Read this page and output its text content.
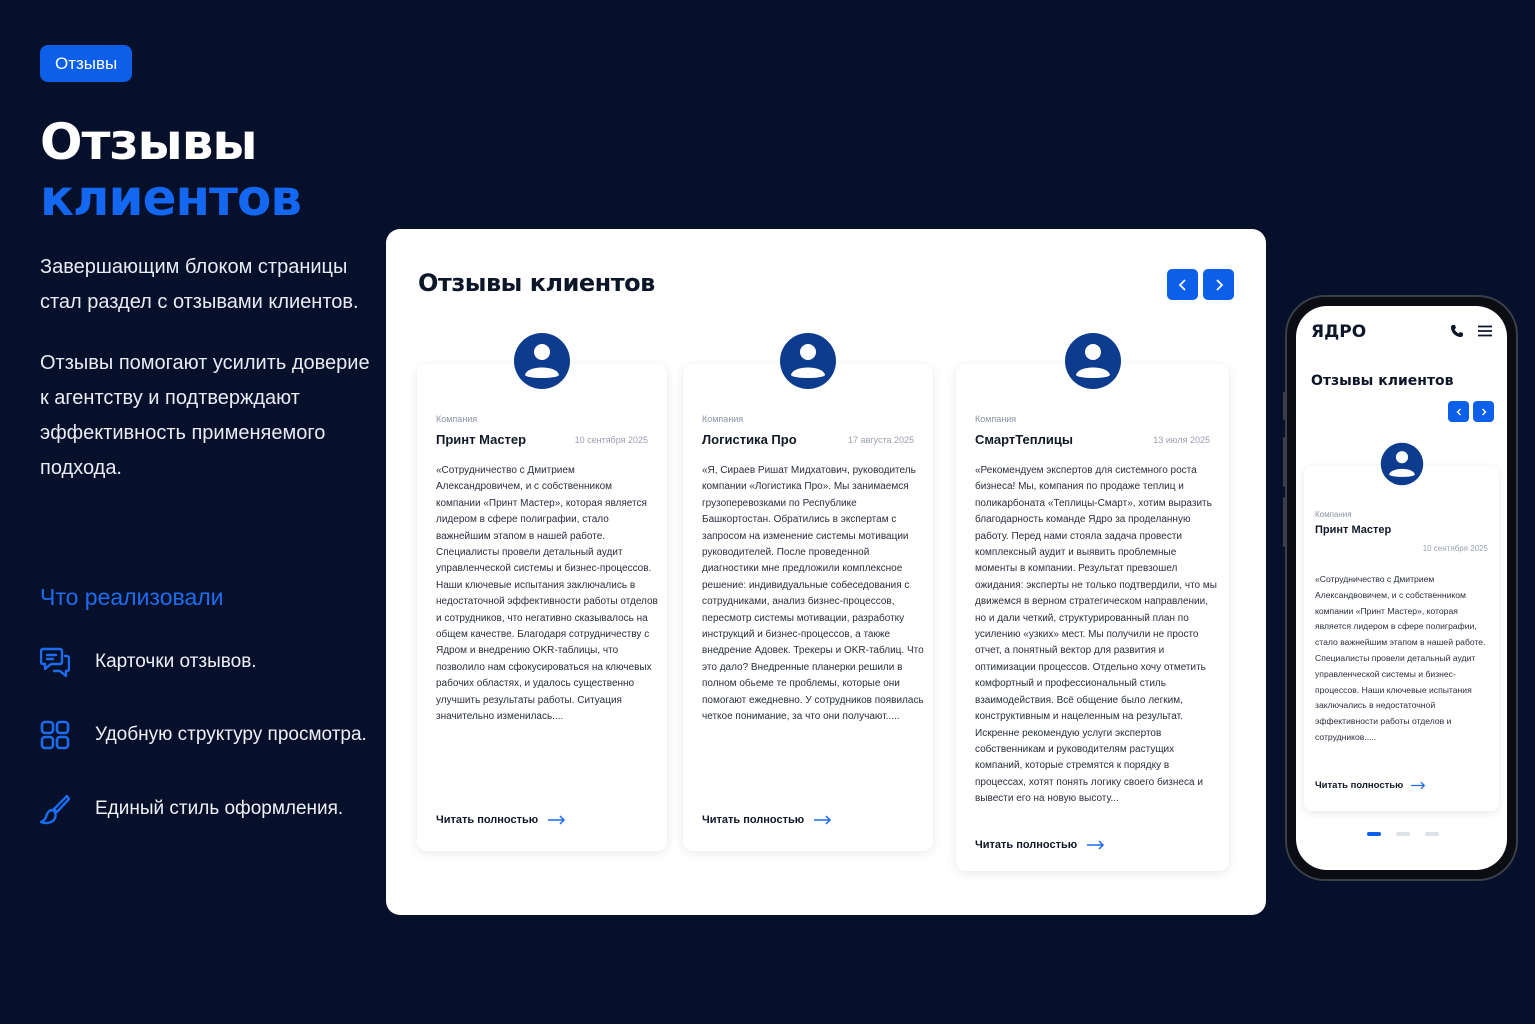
Отзывы
Отзывы
клиентов

Завершающим блоком страницы стал раздел с отзывами клиентов.

Отзывы помогают усилить доверие к агентству и подтверждают эффективность применяемого подхода.

Что реализовали
Карточки отзывов.
Удобную структуру просмотра.
Единый стиль оформления.
Отзывы клиентов
Компания
Принт Мастер	10 сентября 2025

«Сотрудничество с Дмитрием Александровичем, и с собственником компании «Принт Мастер», которая является лидером в сфере полиграфии, стало важнейшим этапом в нашей работе. Специалисты провели детальный аудит управленческой системы и бизнес-процессов. Наши ключевые испытания заключались в недостаточной эффективности работы отделов и сотрудников, что негативно сказывалось на общем качестве. Благодаря сотрудничеству с Ядром и внедрению OKR-таблицы, что позволило нам сфокусироваться на ключевых рабочих областях, и удалось существенно улучшить результаты работы. Ситуация значительно изменилась....

Читать полностью
Компания
Логистика Про	17 августа 2025

«Я, Сираев Ришат Мидхатович, руководитель компании «Логистика Про». Мы занимаемся грузоперевозками по Республике Башкортостан. Обратились в экспертам с запросом на изменение системы мотивации руководителей. После проведенной диагностики мне предложили комплексное решение: индивидуальные собеседования с сотрудниками, анализ бизнес-процессов, пересмотр системы мотивации, разработку инструкций и бизнес-процессов, а также внедрение Адовек. Трекеры и OKR-таблиц. Что это дало? Внедренные планерки решили в полном обьеме те проблемы, которые они помогают ежедневно. У сотрудников появилась четкое понимание, за что они получают.....

Читать полностью
Компания
СмартТеплицы	13 июля 2025

«Рекомендуем экспертов для системного роста бизнеса! Мы, компания по продаже теплиц и поликарбоната «Теплицы-Смарт», хотим выразить благодарность команде Ядро за проделанную работу. Перед нами стояла задача провести комплексный аудит и выявить проблемные моменты в компании. Результат превзошел ожидания: эксперты не только подтвердили, что мы движемся в верном стратегическом направлении, но и дали четкий, структурированный план по усилению «узких» мест. Мы получили не просто отчет, а понятный вектор для развития и оптимизации процессов. Отдельно хочу отметить комфортный и профессиональный стиль взаимодействия. Всё общение было легким, конструктивным и нацеленным на результат. Искренне рекомендую услуги экспертов собственникам и руководителям растущих компаний, которые стремятся к порядку в процессах, хотят понять логику своего бизнеса и вывести его на новую высоту...

Читать полностью
ЯДРО
Отзывы клиентов
Компания
Принт Мастер
10 сентября 2025

«Сотрудничество с Дмитрием Александвовичем, и с собственником компании «Принт Мастер», которая является лидером в сфере полиграфии, стало важнейшим этапом в нашей работе. Специалисты провели детальный аудит управленческой системы и бизнес-процессов. Наши ключевые испытания заключались в недостаточной эффективности работы отделов и сотрудников.....

Читать полностью
